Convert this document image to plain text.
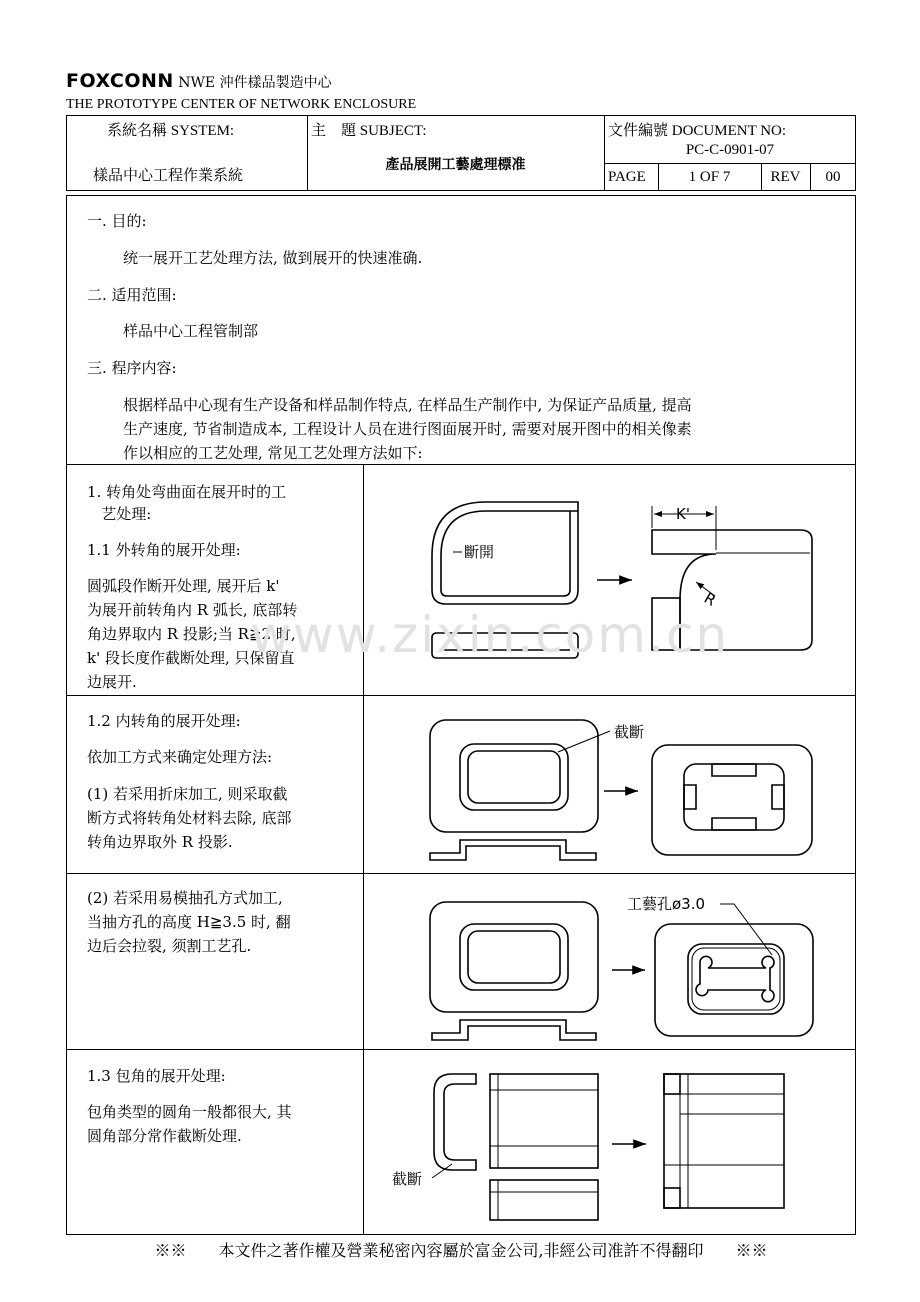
FOXCONN NWE 沖件樣品製造中心
THE PROTOTYPE CENTER OF NETWORK ENCLOSURE
系統名稱 SYSTEM:
樣品中心工程作業系統
主　題 SUBJECT:
產品展開工藝處理標准
文件編號 DOCUMENT NO:
PC-C-0901-07
PAGE	1 OF 7	REV	00
一. 目的:
统一展开工艺处理方法, 做到展开的快速准确.
二. 适用范围:
样品中心工程管制部
三. 程序内容:
根据样品中心现有生产设备和样品制作特点, 在样品生产制作中, 为保证产品质量, 提高
生产速度, 节省制造成本, 工程设计人员在进行图面展开时, 需要对展开图中的相关像素
作以相应的工艺处理, 常见工艺处理方法如下:
1. 转角处弯曲面在展开时的工
艺处理:
1.1 外转角的展开处理:
圆弧段作断开处理, 展开后 k'
为展开前转角内 R 弧长, 底部转
角边界取内 R 投影;当 R≧2 时,
k' 段长度作截断处理, 只保留直
边展开.
1.2 内转角的展开处理:
依加工方式来确定处理方法:
(1) 若采用折床加工, 则采取截
断方式将转角处材料去除, 底部
转角边界取外 R 投影.
(2) 若采用易模抽孔方式加工,
当抽方孔的高度 H≧3.5 时, 翻
边后会拉裂, 须割工艺孔.
1.3 包角的展开处理:
包角类型的圆角一般都很大, 其
圆角部分常作截断处理.
斷開
K'
R
截斷
工藝孔ø3.0
截斷
www.zixin.com.cn
※※　　本文件之著作權及營業秘密內容屬於富金公司,非經公司准許不得翻印　　※※
